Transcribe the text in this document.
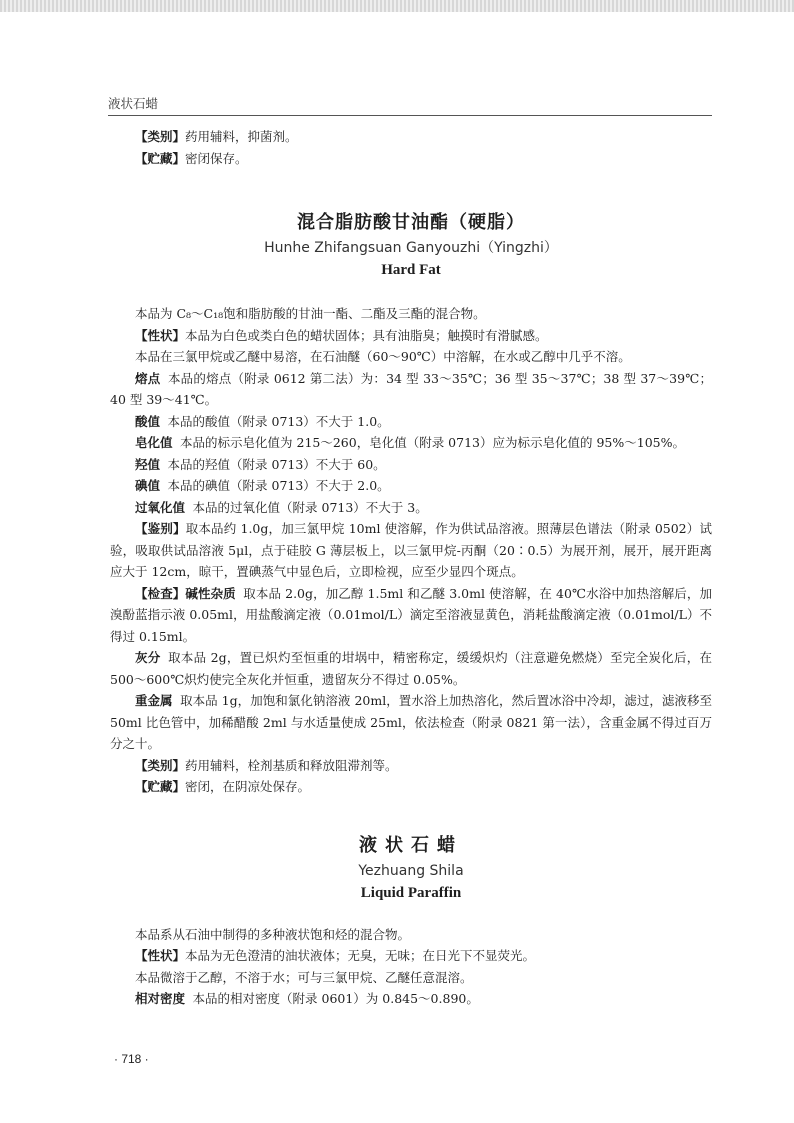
液状石蜡

【类别】药用辅料，抑菌剂。

【贮藏】密闭保存。

混合脂肪酸甘油酯（硬脂）

Hunhe Zhifangsuan Ganyouzhi（Yingzhi）

Hard Fat

本品为 C₈～C₁₈饱和脂肪酸的甘油一酯、二酯及三酯的混合物。

【性状】本品为白色或类白色的蜡状固体；具有油脂臭；触摸时有滑腻感。

本品在三氯甲烷或乙醚中易溶，在石油醚（60～90℃）中溶解，在水或乙醇中几乎不溶。

熔点 本品的熔点（附录 0612 第二法）为：34 型 33～35℃；36 型 35～37℃；38 型 37～39℃；40 型 39～41℃。

酸值 本品的酸值（附录 0713）不大于 1.0。

皂化值 本品的标示皂化值为 215～260，皂化值（附录 0713）应为标示皂化值的 95%～105%。

羟值 本品的羟值（附录 0713）不大于 60。

碘值 本品的碘值（附录 0713）不大于 2.0。

过氧化值 本品的过氧化值（附录 0713）不大于 3。

【鉴别】取本品约 1.0g，加三氯甲烷 10ml 使溶解，作为供试品溶液。照薄层色谱法（附录 0502）试验，吸取供试品溶液 5μl，点于硅胶 G 薄层板上，以三氯甲烷-丙酮（20∶0.5）为展开剂，展开，展开距离应大于 12cm，晾干，置碘蒸气中显色后，立即检视，应至少显四个斑点。

【检查】碱性杂质 取本品 2.0g，加乙醇 1.5ml 和乙醚 3.0ml 使溶解，在 40℃水浴中加热溶解后，加溴酚蓝指示液 0.05ml，用盐酸滴定液（0.01mol/L）滴定至溶液显黄色，消耗盐酸滴定液（0.01mol/L）不得过 0.15ml。

灰分 取本品 2g，置已炽灼至恒重的坩埚中，精密称定，缓缓炽灼（注意避免燃烧）至完全炭化后，在 500～600℃炽灼使完全灰化并恒重，遗留灰分不得过 0.05%。

重金属 取本品 1g，加饱和氯化钠溶液 20ml，置水浴上加热溶化，然后置冰浴中冷却，滤过，滤液移至 50ml 比色管中，加稀醋酸 2ml 与水适量使成 25ml，依法检查（附录 0821 第一法），含重金属不得过百万分之十。

【类别】药用辅料，栓剂基质和释放阻滞剂等。

【贮藏】密闭，在阴凉处保存。

液状石蜡

Yezhuang Shila

Liquid Paraffin

本品系从石油中制得的多种液状饱和烃的混合物。

【性状】本品为无色澄清的油状液体；无臭，无味；在日光下不显荧光。

本品微溶于乙醇，不溶于水；可与三氯甲烷、乙醚任意混溶。

相对密度 本品的相对密度（附录 0601）为 0.845～0.890。

· 718 ·
